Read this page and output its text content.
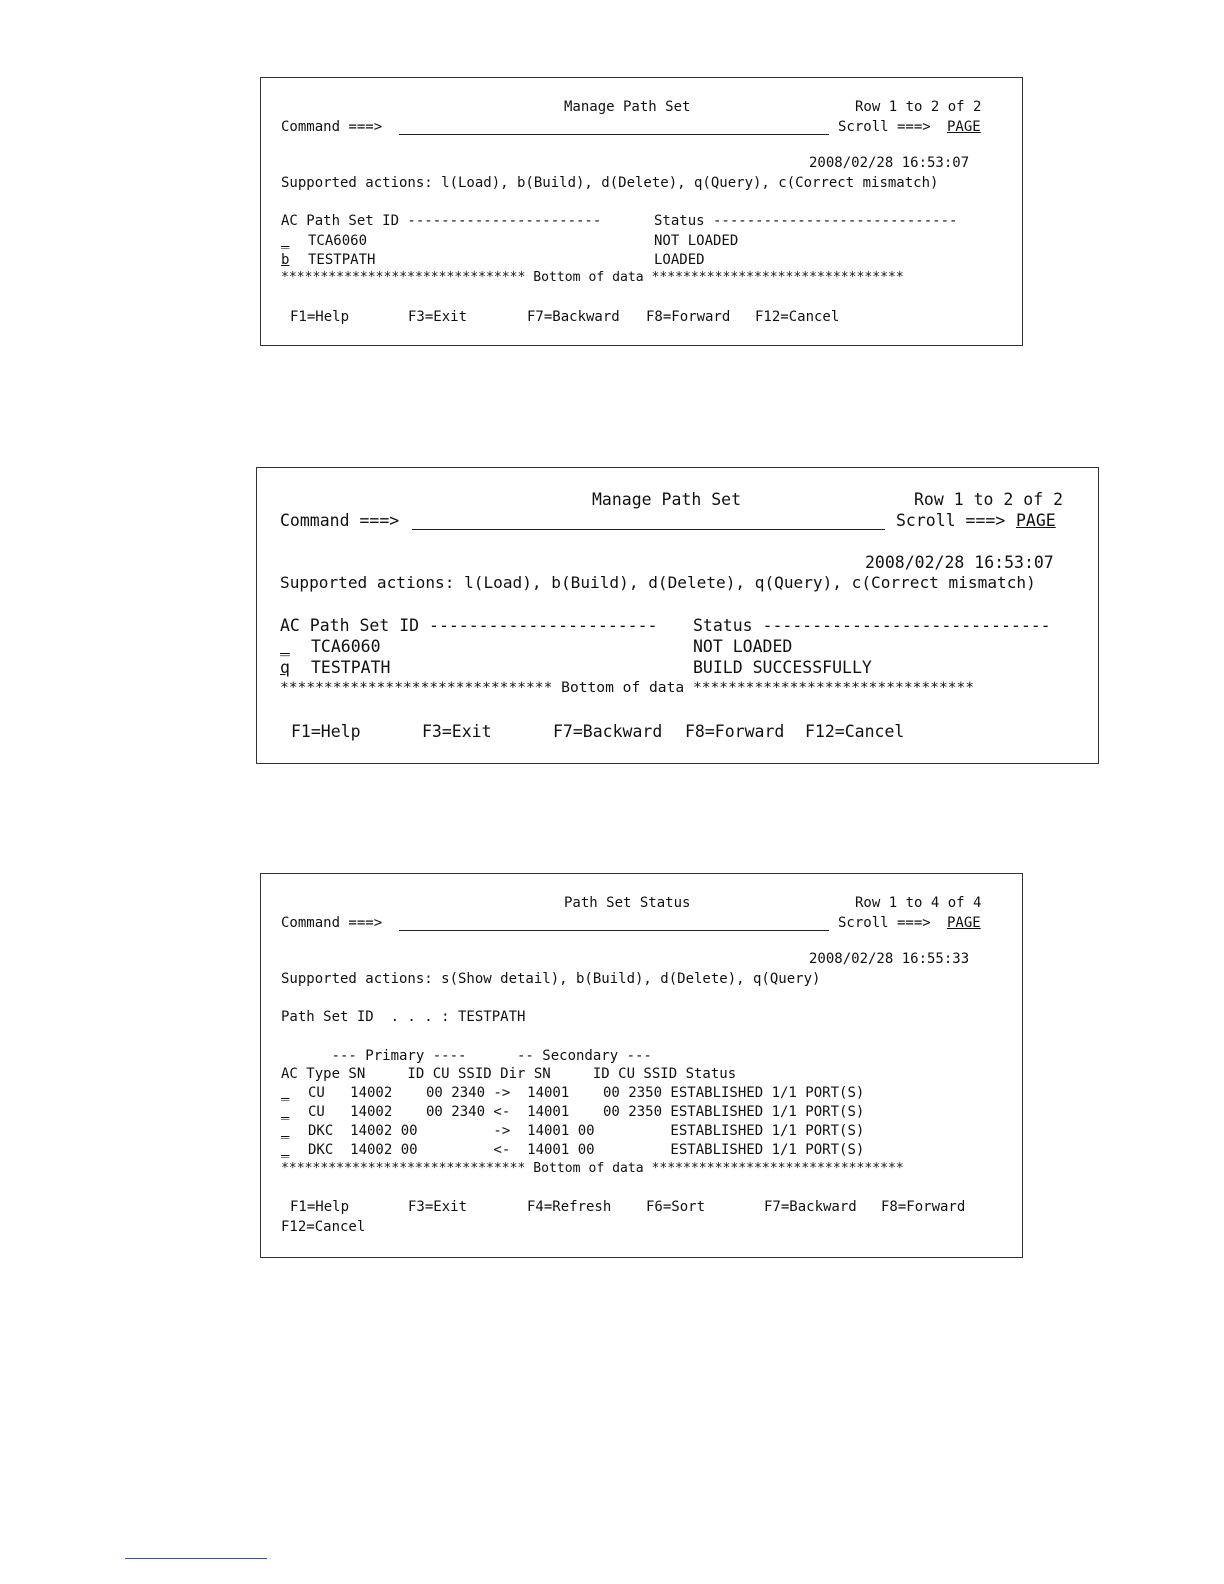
Manage Path Set	Row 1 to 2 of 2
Command ===>	Scroll ===> PAGE
2008/02/28 16:53:07
Supported actions: l(Load), b(Build), d(Delete), q(Query), c(Correct mismatch)
AC Path Set ID -----------------------	Status -----------------------------
_ TCA6060	NOT LOADED
b TESTPATH	LOADED
******************************* Bottom of data ********************************
F1=Help	F3=Exit	F7=Backward F8=Forward F12=Cancel
Manage Path Set	Row 1 to 2 of 2
Command ===>	Scroll ===> PAGE
2008/02/28 16:53:07
Supported actions: l(Load), b(Build), d(Delete), q(Query), c(Correct mismatch)
AC Path Set ID ----------------------- Status -----------------------------
_ TCA6060	NOT LOADED
q TESTPATH	BUILD SUCCESSFULLY
******************************* Bottom of data ********************************
F1=Help	F3=Exit	F7=Backward F8=Forward F12=Cancel
Path Set Status	Row 1 to 4 of 4
Command ===>	Scroll ===> PAGE
2008/02/28 16:55:33
Supported actions: s(Show detail), b(Build), d(Delete), q(Query)
Path Set ID  . . . : TESTPATH
--- Primary ----      -- Secondary ---
AC Type SN     ID CU SSID Dir SN     ID CU SSID Status
_ CU   14002    00 2340 ->  14001    00 2350 ESTABLISHED 1/1 PORT(S)
_ CU   14002    00 2340 <-  14001    00 2350 ESTABLISHED 1/1 PORT(S)
_ DKC  14002 00         ->  14001 00         ESTABLISHED 1/1 PORT(S)
_ DKC  14002 00         <-  14001 00         ESTABLISHED 1/1 PORT(S)
******************************* Bottom of data ********************************
F1=Help	F3=Exit	F4=Refresh F6=Sort	F7=Backward F8=Forward
F12=Cancel
